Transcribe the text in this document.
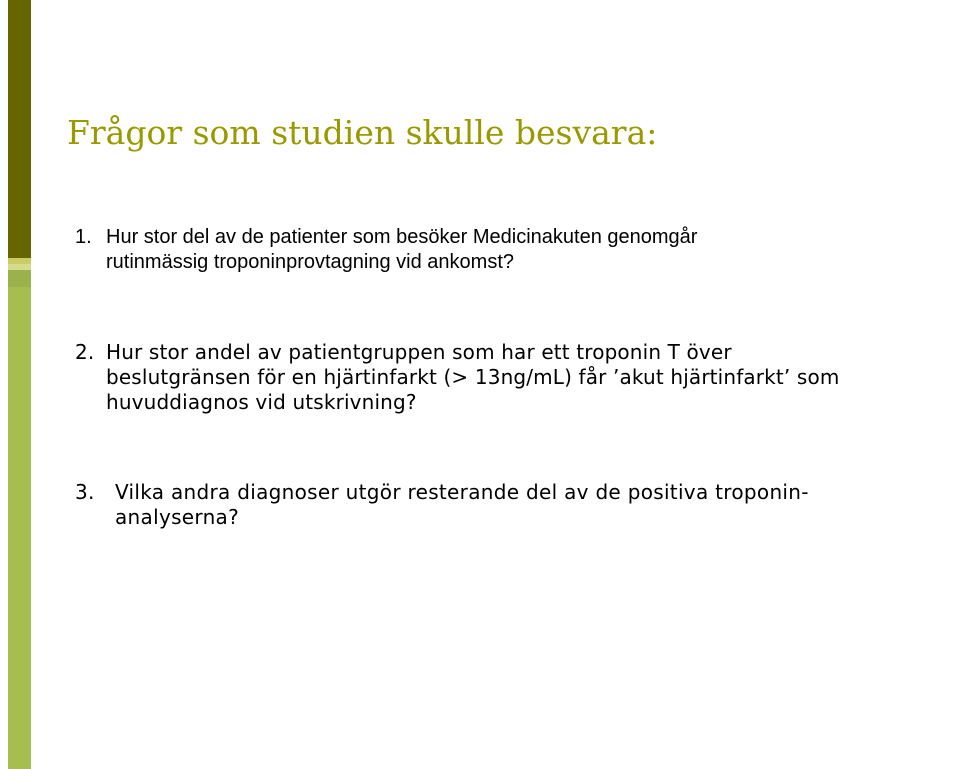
Frågor som studien skulle besvara:
1. Hur stor del av de patienter som besöker Medicinakuten genomgår
rutinmässig troponinprovtagning vid ankomst?
2. Hur stor andel av patientgruppen som har ett troponin T över
beslutgränsen för en hjärtinfarkt (> 13ng/mL) får ’akut hjärtinfarkt’ som
huvuddiagnos vid utskrivning?
3. Vilka andra diagnoser utgör resterande del av de positiva troponin-
analyserna?
